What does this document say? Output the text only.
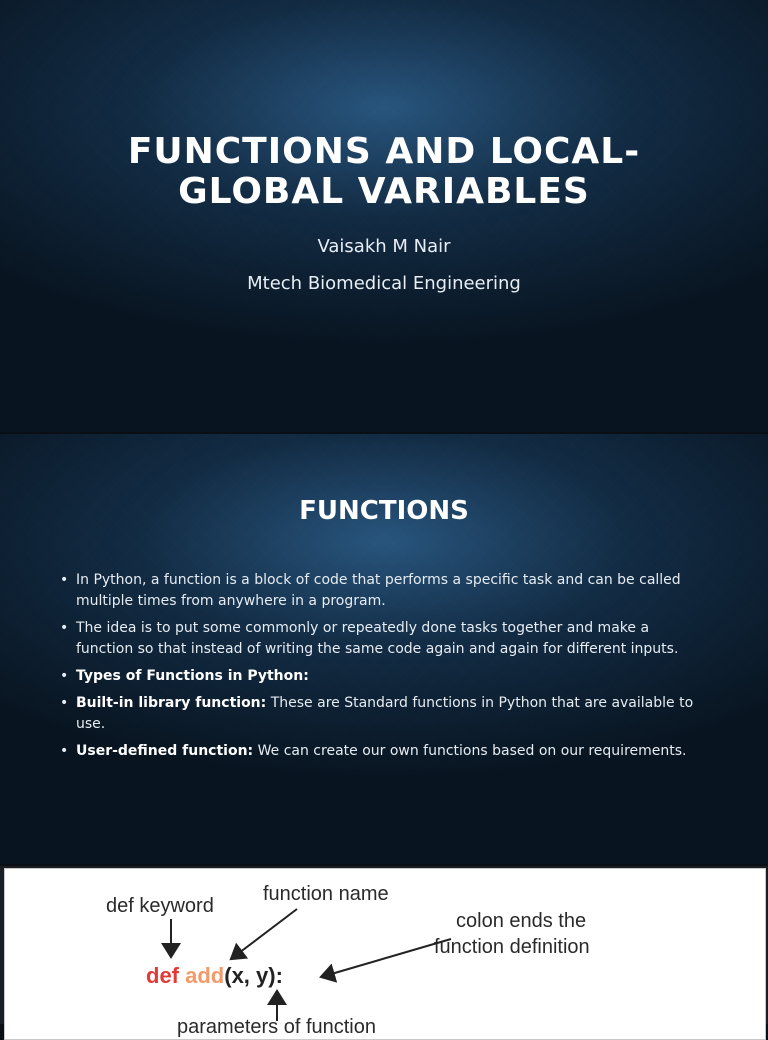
FUNCTIONS AND LOCAL-
GLOBAL VARIABLES
Vaisakh M Nair
Mtech Biomedical Engineering
FUNCTIONS
• In Python, a function is a block of code that performs a specific task and can be called multiple times from anywhere in a program.
• The idea is to put some commonly or repeatedly done tasks together and make a function so that instead of writing the same code again and again for different inputs.
• Types of Functions in Python:
• Built-in library function: These are Standard functions in Python that are available to use.
• User-defined function: We can create our own functions based on our requirements.
def keyword
function name
colon ends the
function definition
parameters of function
def add(x, y):
